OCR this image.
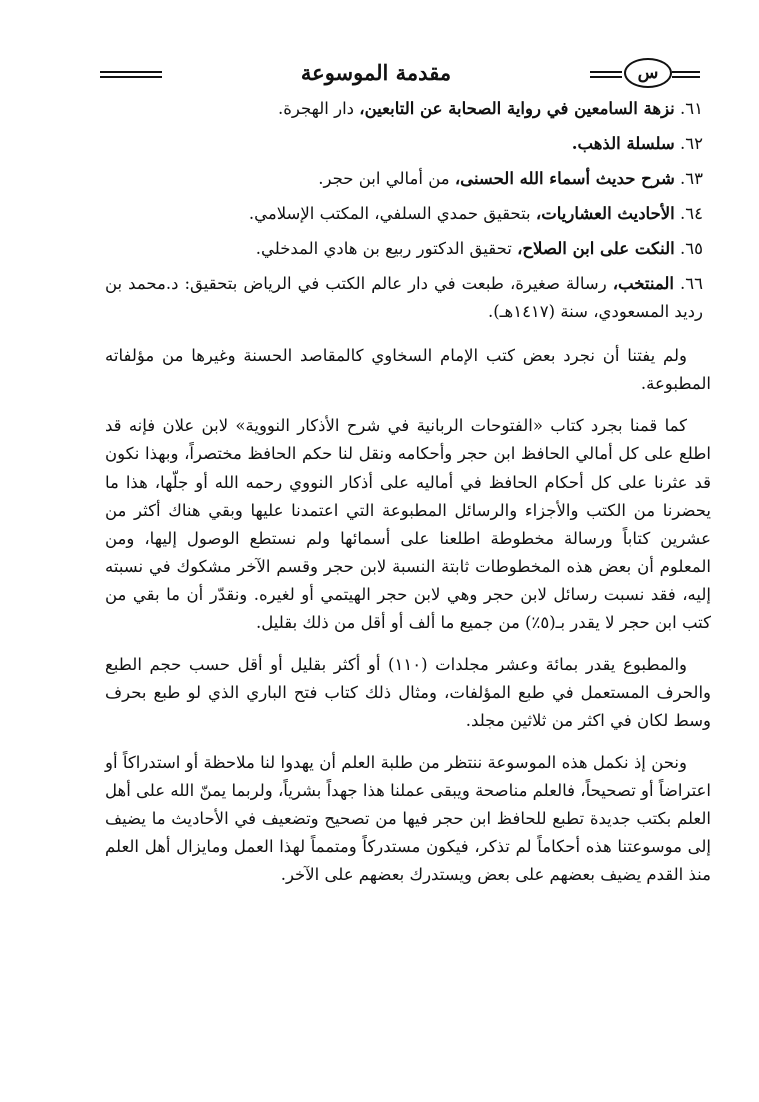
س
مقدمة الموسوعة

٦١. نزهة السامعين في رواية الصحابة عن التابعين، دار الهجرة.

٦٢. سلسلة الذهب.

٦٣. شرح حديث أسماء الله الحسنى، من أمالي ابن حجر.

٦٤. الأحاديث العشاريات، بتحقيق حمدي السلفي، المكتب الإسلامي.

٦٥. النكت على ابن الصلاح، تحقيق الدكتور ربيع بن هادي المدخلي.

٦٦. المنتخب، رسالة صغيرة، طبعت في دار عالم الكتب في الرياض بتحقيق: د.محمد بن رديد المسعودي، سنة (١٤١٧هـ).

ولم يفتنا أن نجرد بعض كتب الإمام السخاوي كالمقاصد الحسنة وغيرها من مؤلفاته المطبوعة.

كما قمنا بجرد كتاب «الفتوحات الربانية في شرح الأذكار النووية» لابن علان فإنه قد اطلع على كل أمالي الحافظ ابن حجر وأحكامه ونقل لنا حكم الحافظ مختصراً، وبهذا نكون قد عثرنا على كل أحكام الحافظ في أماليه على أذكار النووي رحمه الله أو جلّها، هذا ما يحضرنا من الكتب والأجزاء والرسائل المطبوعة التي اعتمدنا عليها وبقي هناك أكثر من عشرين كتاباً ورسالة مخطوطة اطلعنا على أسمائها ولم نستطع الوصول إليها، ومن المعلوم أن بعض هذه المخطوطات ثابتة النسبة لابن حجر وقسم الآخر مشكوك في نسبته إليه، فقد نسبت رسائل لابن حجر وهي لابن حجر الهيتمي أو لغيره. ونقدّر أن ما بقي من كتب ابن حجر لا يقدر بـ(٥٪) من جميع ما ألف أو أقل من ذلك بقليل.

والمطبوع يقدر بمائة وعشر مجلدات (١١٠) أو أكثر بقليل أو أقل حسب حجم الطبع والحرف المستعمل في طبع المؤلفات، ومثال ذلك كتاب فتح الباري الذي لو طبع بحرف وسط لكان في اكثر من ثلاثين مجلد.

ونحن إذ نكمل هذه الموسوعة ننتظر من طلبة العلم أن يهدوا لنا ملاحظة أو استدراكاً أو اعتراضاً أو تصحيحاً، فالعلم مناصحة ويبقى عملنا هذا جهداً بشرياً، ولربما يمنّ الله على أهل العلم بكتب جديدة تطبع للحافظ ابن حجر فيها من تصحيح وتضعيف في الأحاديث ما يضيف إلى موسوعتنا هذه أحكاماً لم تذكر، فيكون مستدركاً ومتمماً لهذا العمل ومايزال أهل العلم منذ القدم يضيف بعضهم على بعض ويستدرك بعضهم على الآخر.
